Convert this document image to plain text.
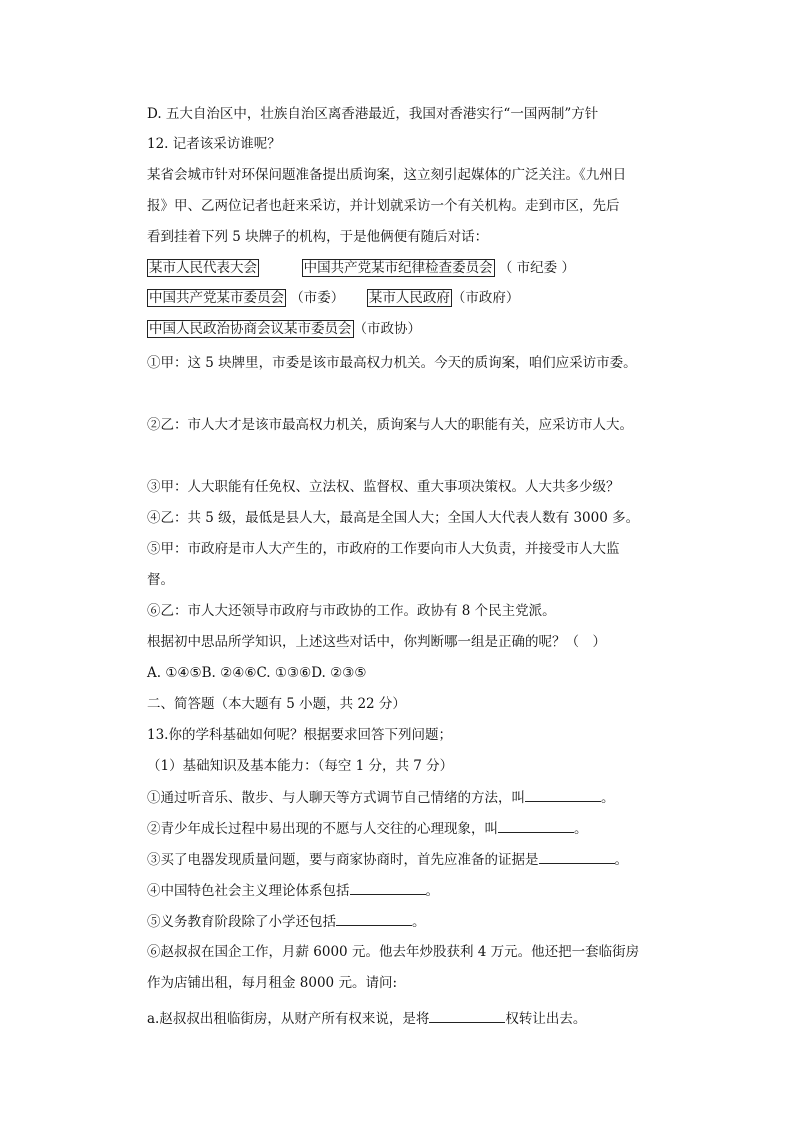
D. 五大自治区中，壮族自治区离香港最近，我国对香港实行“一国两制”方针
12. 记者该采访谁呢？
某省会城市针对环保问题准备提出质询案，这立刻引起媒体的广泛关注。《九州日
报》甲、乙两位记者也赶来采访，并计划就采访一个有关机构。走到市区，先后
看到挂着下列 5 块牌子的机构，于是他俩便有随后对话：
某市人民代表大会	中国共产党某市纪律检查委员会 （ 市纪委 ）
中国共产党某市委员会 （市委） 某市人民政府 （市政府）
中国人民政治协商会议某市委员会 （市政协）
①甲：这 5 块牌里，市委是该市最高权力机关。今天的质询案，咱们应采访市委。
②乙：市人大才是该市最高权力机关，质询案与人大的职能有关，应采访市人大。
③甲：人大职能有任免权、立法权、监督权、重大事项决策权。人大共多少级？
④乙：共 5 级，最低是县人大，最高是全国人大；全国人大代表人数有 3000 多。
⑤甲：市政府是市人大产生的，市政府的工作要向市人大负责，并接受市人大监
督。
⑥乙：市人大还领导市政府与市政协的工作。政协有 8 个民主党派。
根据初中思品所学知识，上述这些对话中，你判断哪一组是正确的呢？（　）
A. ①④⑤B. ②④⑥C. ①③⑥D. ②③⑤
二、简答题（本大题有 5 小题，共 22 分）
13.你的学科基础如何呢？根据要求回答下列问题；
（1）基础知识及基本能力：（每空 1 分，共 7 分）
①通过听音乐、散步、与人聊天等方式调节自己情绪的方法，叫	。
②青少年成长过程中易出现的不愿与人交往的心理现象，叫	。
③买了电器发现质量问题，要与商家协商时，首先应准备的证据是	。
④中国特色社会主义理论体系包括	。
⑤义务教育阶段除了小学还包括	。
⑥赵叔叔在国企工作，月薪 6000 元。他去年炒股获利 4 万元。他还把一套临街房
作为店铺出租，每月租金 8000 元。请问:
a.赵叔叔出租临街房，从财产所有权来说，是将	权转让出去。
